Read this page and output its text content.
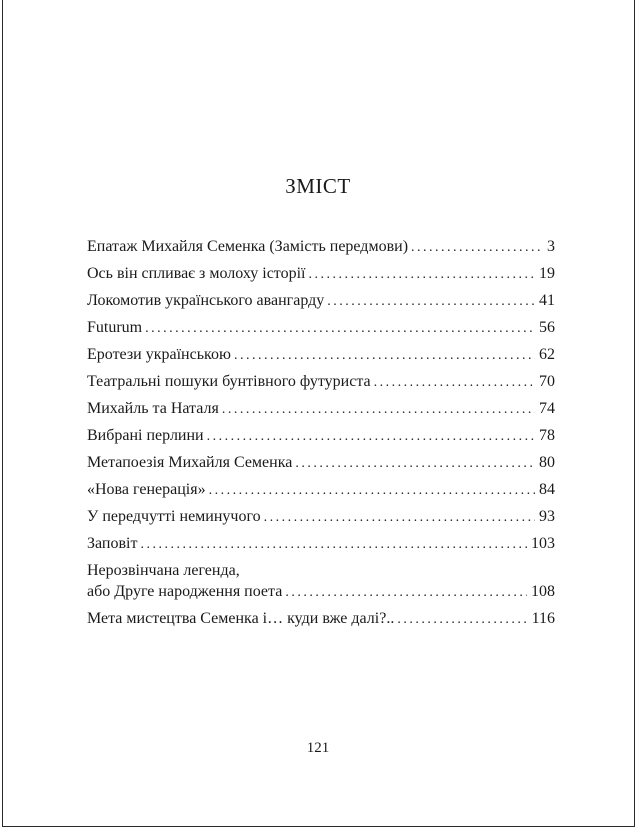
ЗМІСТ
Епатаж Михайля Семенка (Замість передмови) . . .	3
Ось він спливає з молоху історії . . .	19
Локомотив українського авангарду . . .	41
Futurum . . .	56
Еротези українською . . .	62
Театральні пошуки бунтівного футуриста . . .	70
Михайль та Наталя . . .	74
Вибрані перлини . . .	78
Метапоезія Михайля Семенка . . .	80
«Нова генерація» . . .	84
У передчутті неминучого . . .	93
Заповіт . . .	103
Нерозвінчана легенда,
або Друге народження поета . . .	108
Мета мистецтва Семенка і… куди вже далі?.. . . .	116
121
